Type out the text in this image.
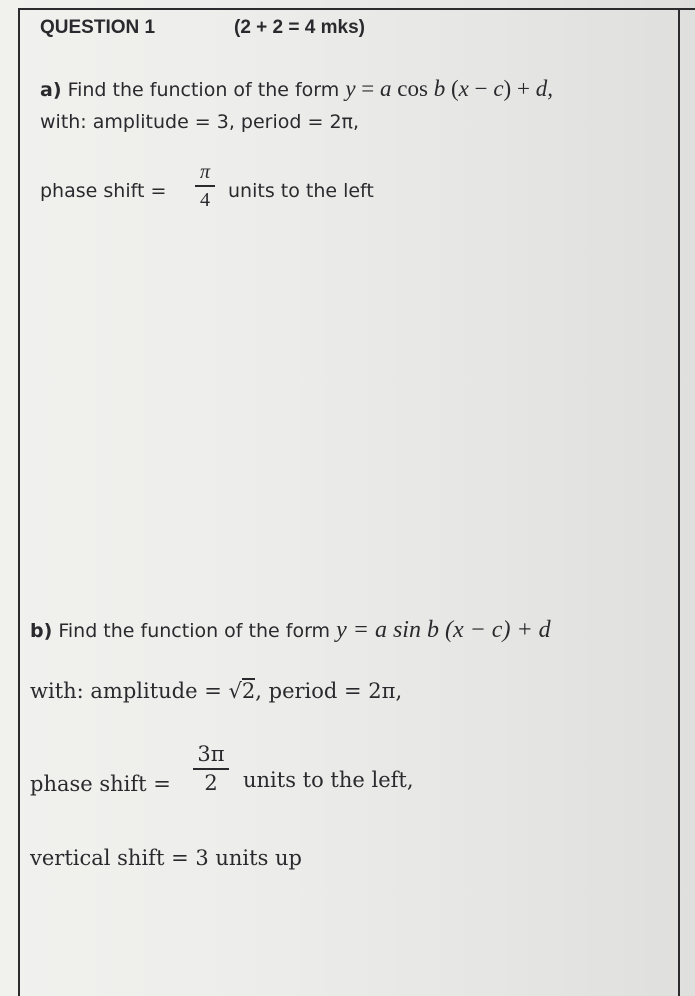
QUESTION 1	(2 + 2 = 4 mks)
a) Find the function of the form y = a cos b (x − c) + d,
with: amplitude = 3, period = 2π,
phase shift =
π
4 units to the left
b) Find the function of the form y = a sin b (x − c) + d
with: amplitude = √2, period = 2π,
phase shift =
3π
2	units to the left,
vertical shift = 3 units up
